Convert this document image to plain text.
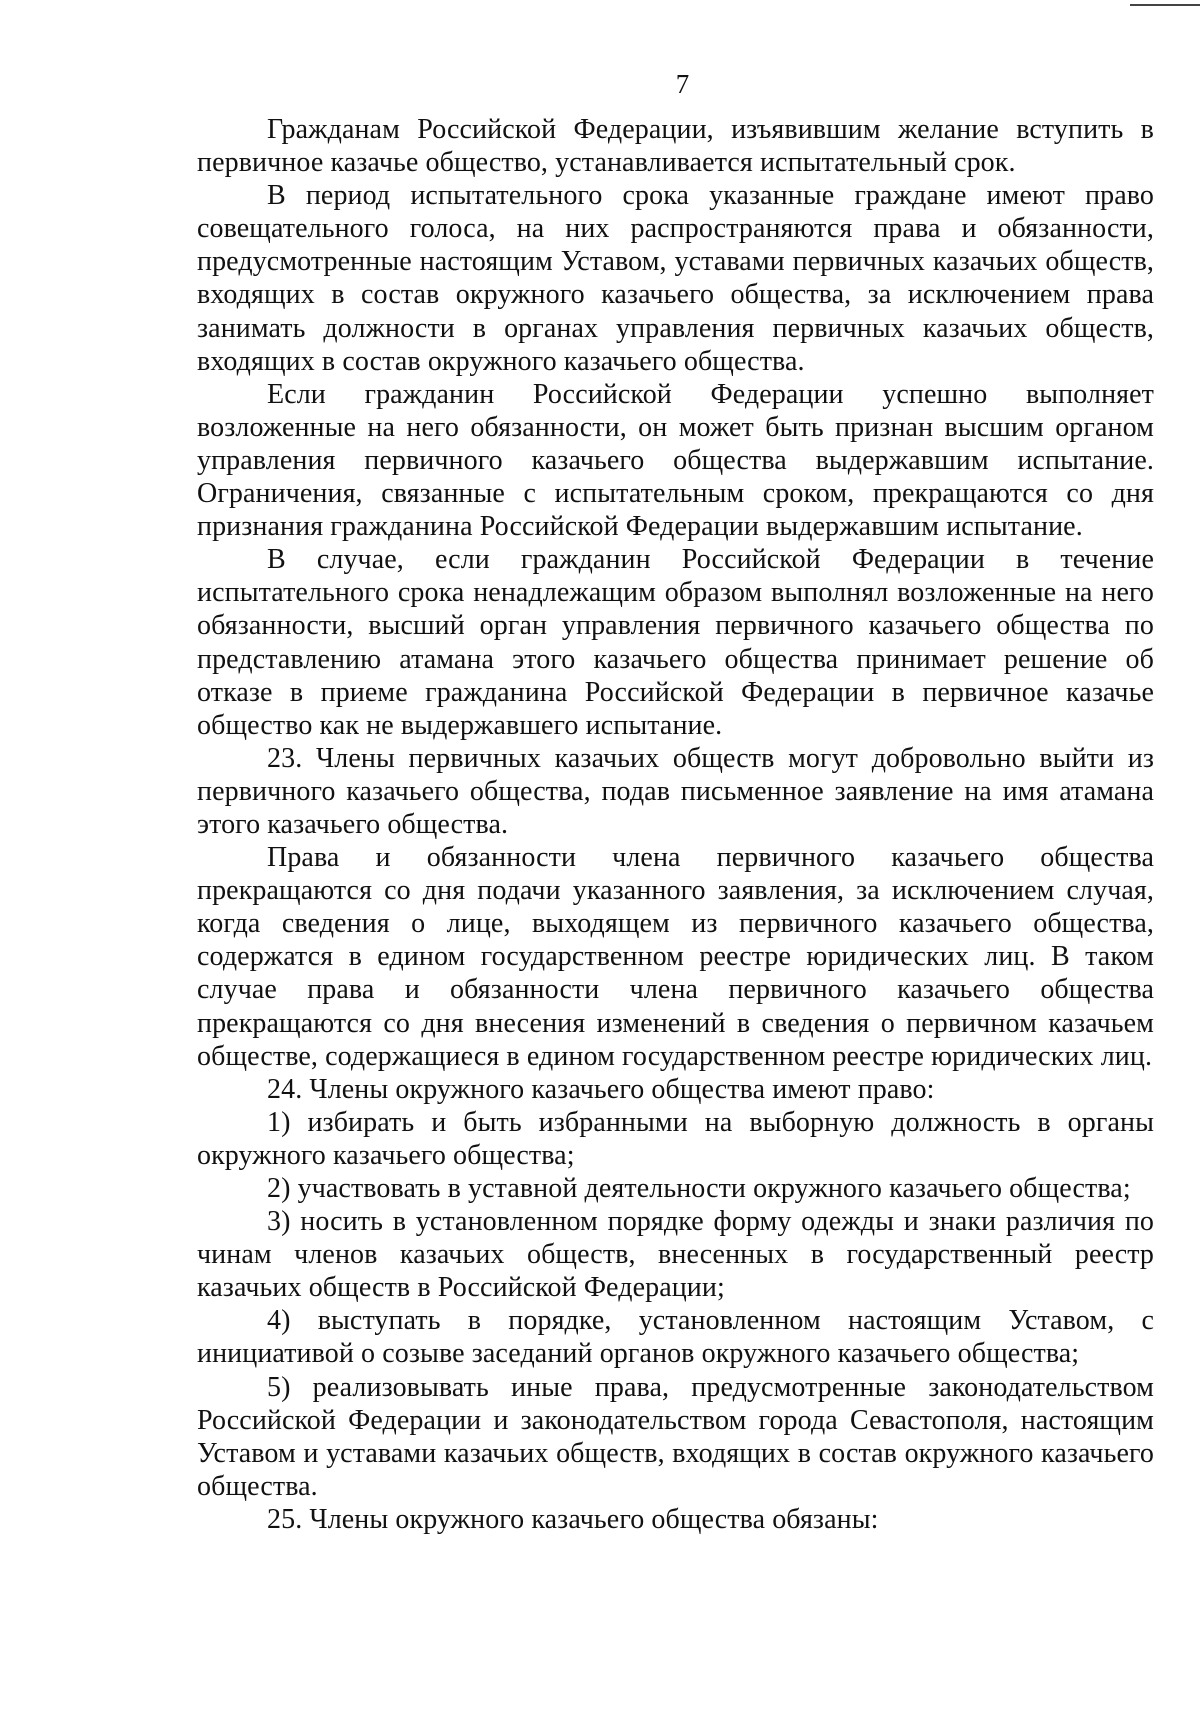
7

Гражданам Российской Федерации, изъявившим желание вступить в первичное казачье общество, устанавливается испытательный срок.

В период испытательного срока указанные граждане имеют право совещательного голоса, на них распространяются права и обязанности, предусмотренные настоящим Уставом, уставами первичных казачьих обществ, входящих в состав окружного казачьего общества, за исключением права занимать должности в органах управления первичных казачьих обществ, входящих в состав окружного казачьего общества.

Если гражданин Российской Федерации успешно выполняет возложенные на него обязанности, он может быть признан высшим органом управления первичного казачьего общества выдержавшим испытание. Ограничения, связанные с испытательным сроком, прекращаются со дня признания гражданина Российской Федерации выдержавшим испытание.

В случае, если гражданин Российской Федерации в течение испытательного срока ненадлежащим образом выполнял возложенные на него обязанности, высший орган управления первичного казачьего общества по представлению атамана этого казачьего общества принимает решение об отказе в приеме гражданина Российской Федерации в первичное казачье общество как не выдержавшего испытание.

23. Члены первичных казачьих обществ могут добровольно выйти из первичного казачьего общества, подав письменное заявление на имя атамана этого казачьего общества.

Права и обязанности члена первичного казачьего общества прекращаются со дня подачи указанного заявления, за исключением случая, когда сведения о лице, выходящем из первичного казачьего общества, содержатся в едином государственном реестре юридических лиц. В таком случае права и обязанности члена первичного казачьего общества прекращаются со дня внесения изменений в сведения о первичном казачьем обществе, содержащиеся в едином государственном реестре юридических лиц.

24. Члены окружного казачьего общества имеют право:

1) избирать и быть избранными на выборную должность в органы окружного казачьего общества;

2) участвовать в уставной деятельности окружного казачьего общества;

3) носить в установленном порядке форму одежды и знаки различия по чинам членов казачьих обществ, внесенных в государственный реестр казачьих обществ в Российской Федерации;

4) выступать в порядке, установленном настоящим Уставом, с инициативой о созыве заседаний органов окружного казачьего общества;

5) реализовывать иные права, предусмотренные законодательством Российской Федерации и законодательством города Севастополя, настоящим Уставом и уставами казачьих обществ, входящих в состав окружного казачьего общества.

25. Члены окружного казачьего общества обязаны:
